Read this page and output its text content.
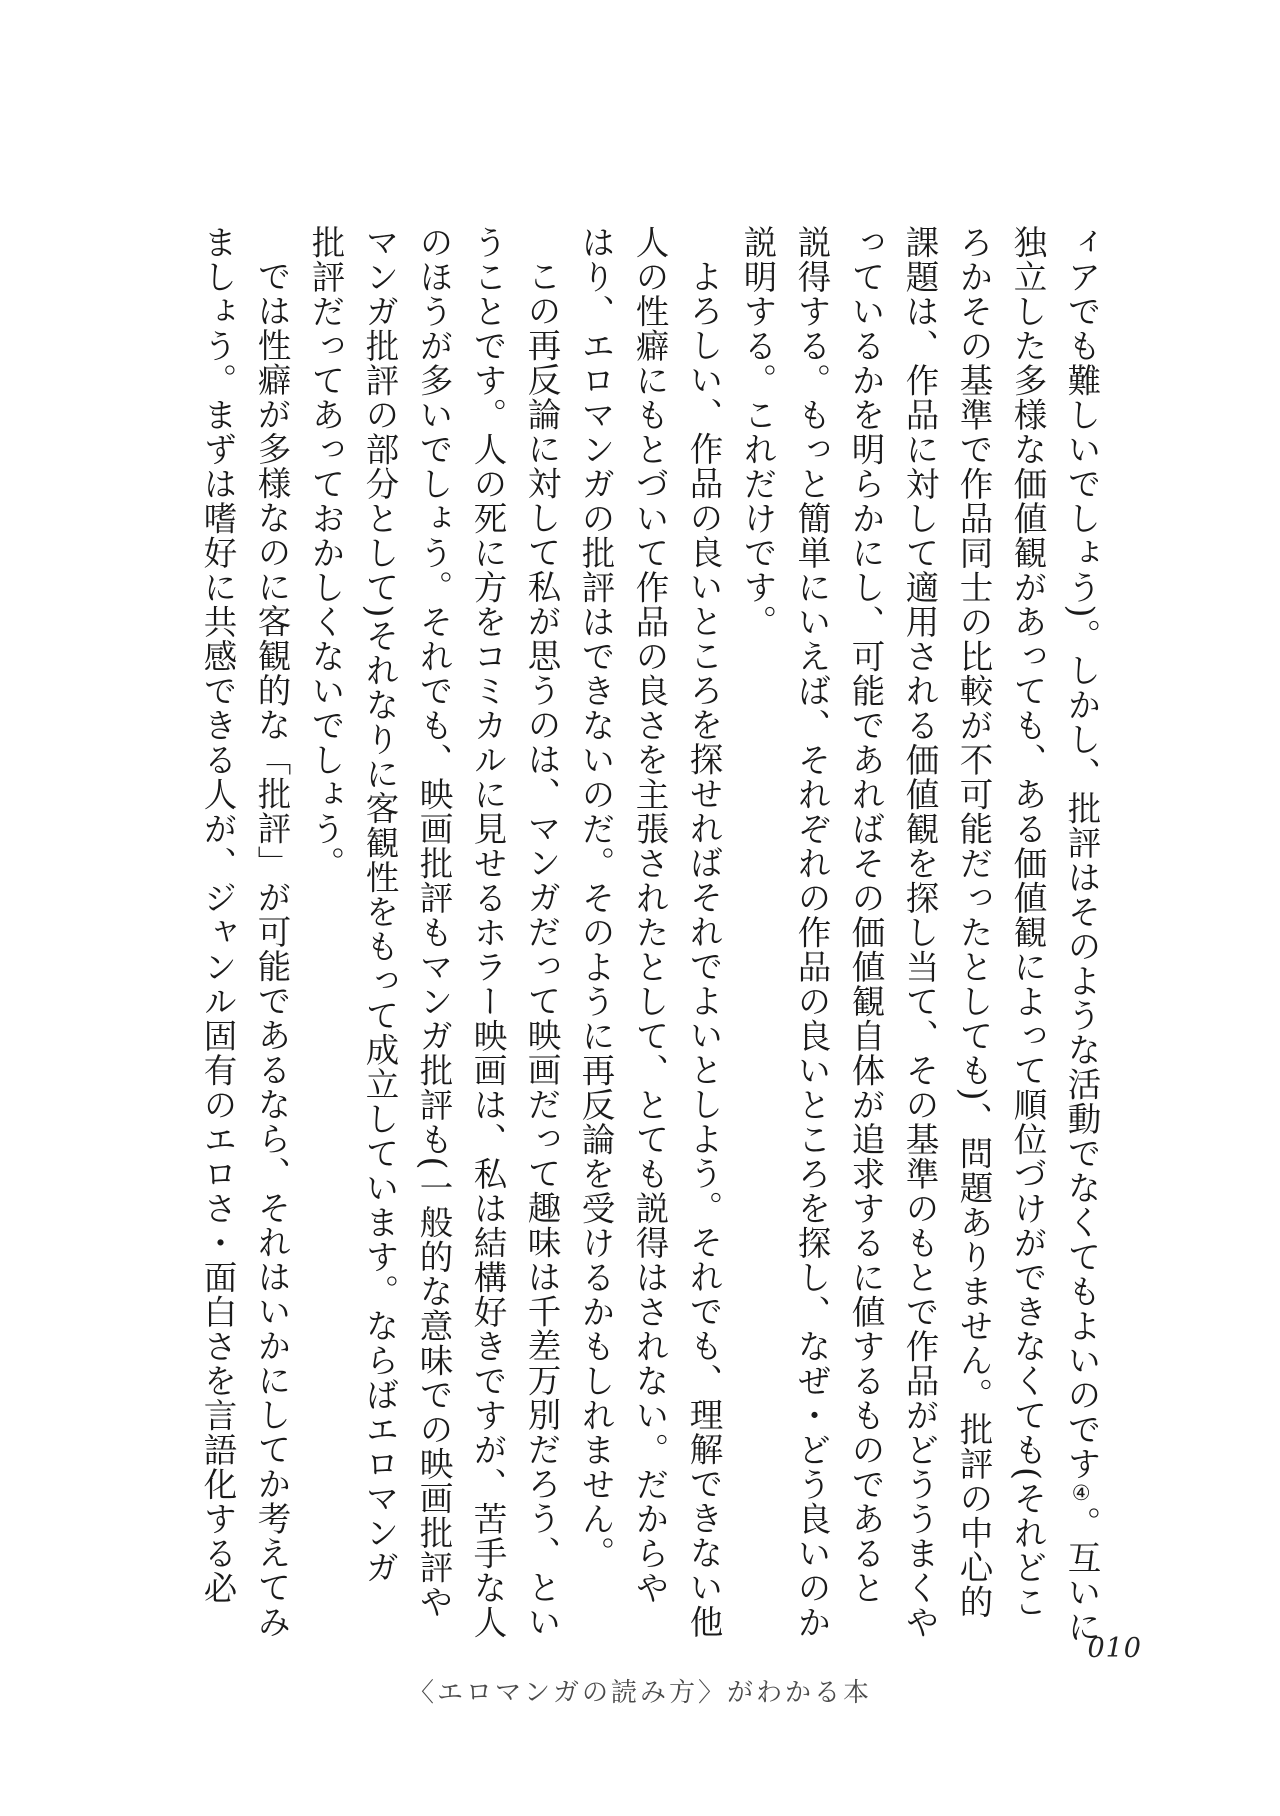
ィアでも難しいでしょう)。しかし、批評はそのような活動でなくてもよいのです④。互いに
独立した多様な価値観があっても、ある価値観によって順位づけができなくても(それどこ
ろかその基準で作品同士の比較が不可能だったとしても)、問題ありません。批評の中心的
課題は、作品に対して適用される価値観を探し当て、その基準のもとで作品がどううまくや
っているかを明らかにし、可能であればその価値観自体が追求するに値するものであると
説得する。もっと簡単にいえば、それぞれの作品の良いところを探し、なぜ・どう良いのか
説明する。これだけです。

よろしい、作品の良いところを探せればそれでよいとしよう。それでも、理解できない他
人の性癖にもとづいて作品の良さを主張されたとして、とても説得はされない。だからや
はり、エロマンガの批評はできないのだ。そのように再反論を受けるかもしれません。

この再反論に対して私が思うのは、マンガだって映画だって趣味は千差万別だろう、とい
うことです。人の死に方をコミカルに見せるホラー映画は、私は結構好きですが、苦手な人
のほうが多いでしょう。それでも、映画批評もマンガ批評も(一般的な意味での映画批評や
マンガ批評の部分として)それなりに客観性をもって成立しています。ならばエロマンガ
批評だってあっておかしくないでしょう。

では性癖が多様なのに客観的な「批評」が可能であるなら、それはいかにしてか考えてみ
ましょう。まずは嗜好に共感できる人が、ジャンル固有のエロさ・面白さを言語化する必

010
〈エロマンガの読み方〉がわかる本
